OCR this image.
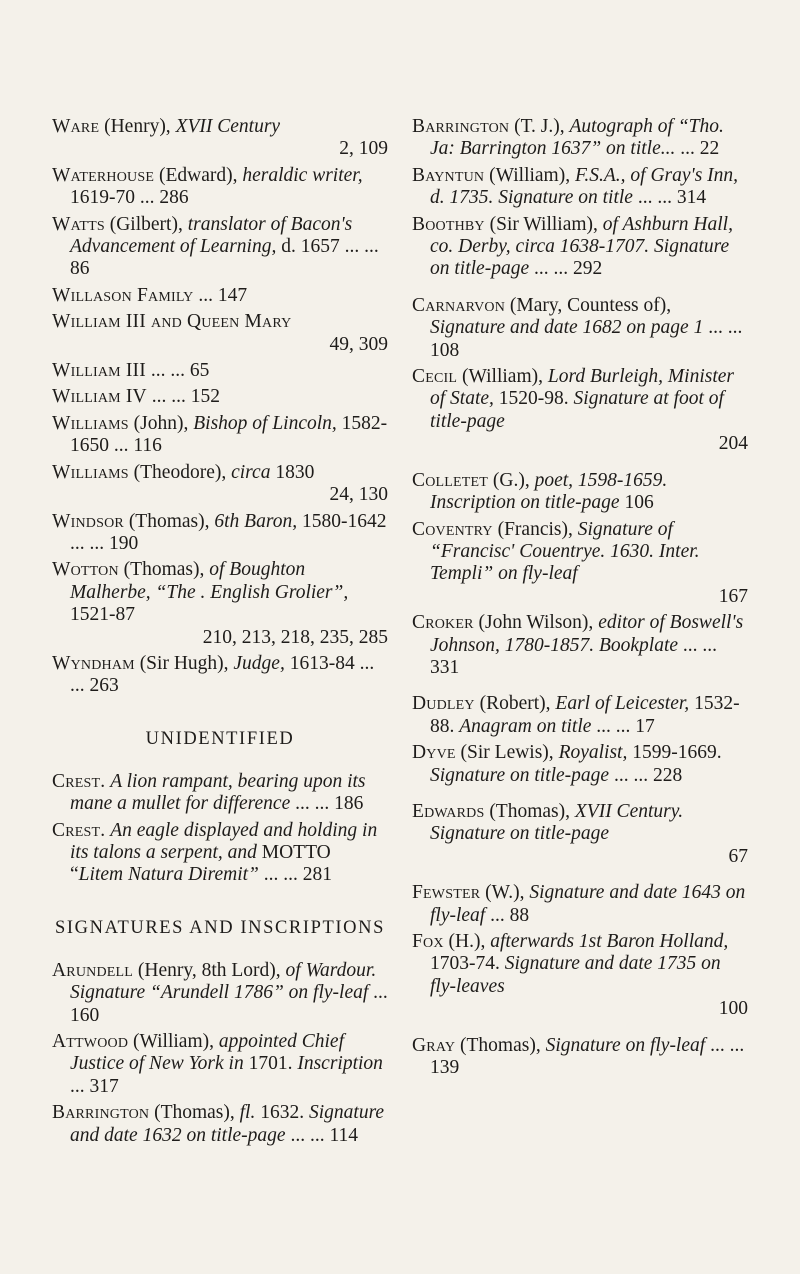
Ware (Henry), XVII Century
2, 109

Waterhouse (Edward), heraldic writer, 1619-70 ... 286

Watts (Gilbert), translator of Bacon's Advancement of Learning, d. 1657 ... ... 86

Willason Family ... 147

William III and Queen Mary
49, 309

William III ... ... 65

William IV ... ... 152

Williams (John), Bishop of Lincoln, 1582-1650 ... 116

Williams (Theodore), circa 1830
24, 130

Windsor (Thomas), 6th Baron, 1580-1642 ... ... 190

Wotton (Thomas), of Boughton Malherbe, “The . English Grolier”, 1521-87
210, 213, 218, 235, 285

Wyndham (Sir Hugh), Judge, 1613-84 ... ... 263

UNIDENTIFIED

Crest. A lion rampant, bearing upon its mane a mullet for difference ... ... 186

Crest. An eagle displayed and holding in its talons a serpent, and MOTTO “Litem Natura Diremit” ... ... 281

SIGNATURES AND INSCRIPTIONS

Arundell (Henry, 8th Lord), of Wardour. Signature “Arundell 1786” on fly-leaf ... 160

Attwood (William), appointed Chief Justice of New York in 1701. Inscription ... 317

Barrington (Thomas), fl. 1632. Signature and date 1632 on title-page ... ... 114

Barrington (T. J.), Autograph of “Tho. Ja: Barrington 1637” on title... ... 22

Bayntun (William), F.S.A., of Gray's Inn, d. 1735. Signature on title ... ... 314

Boothby (Sir William), of Ashburn Hall, co. Derby, circa 1638-1707. Signature on title-page ... ... 292

Carnarvon (Mary, Countess of), Signature and date 1682 on page 1 ... ... 108

Cecil (William), Lord Burleigh, Minister of State, 1520-98. Signature at foot of title-page
204

Colletet (G.), poet, 1598-1659. Inscription on title-page 106

Coventry (Francis), Signature of “Francisc' Couentrye. 1630. Inter. Templi” on fly-leaf
167

Croker (John Wilson), editor of Boswell's Johnson, 1780-1857. Bookplate ... ... 331

Dudley (Robert), Earl of Leicester, 1532-88. Anagram on title ... ... 17

Dyve (Sir Lewis), Royalist, 1599-1669. Signature on title-page ... ... 228

Edwards (Thomas), XVII Century. Signature on title-page
67

Fewster (W.), Signature and date 1643 on fly-leaf ... 88

Fox (H.), afterwards 1st Baron Holland, 1703-74. Signature and date 1735 on fly-leaves
100

Gray (Thomas), Signature on fly-leaf ... ... 139
